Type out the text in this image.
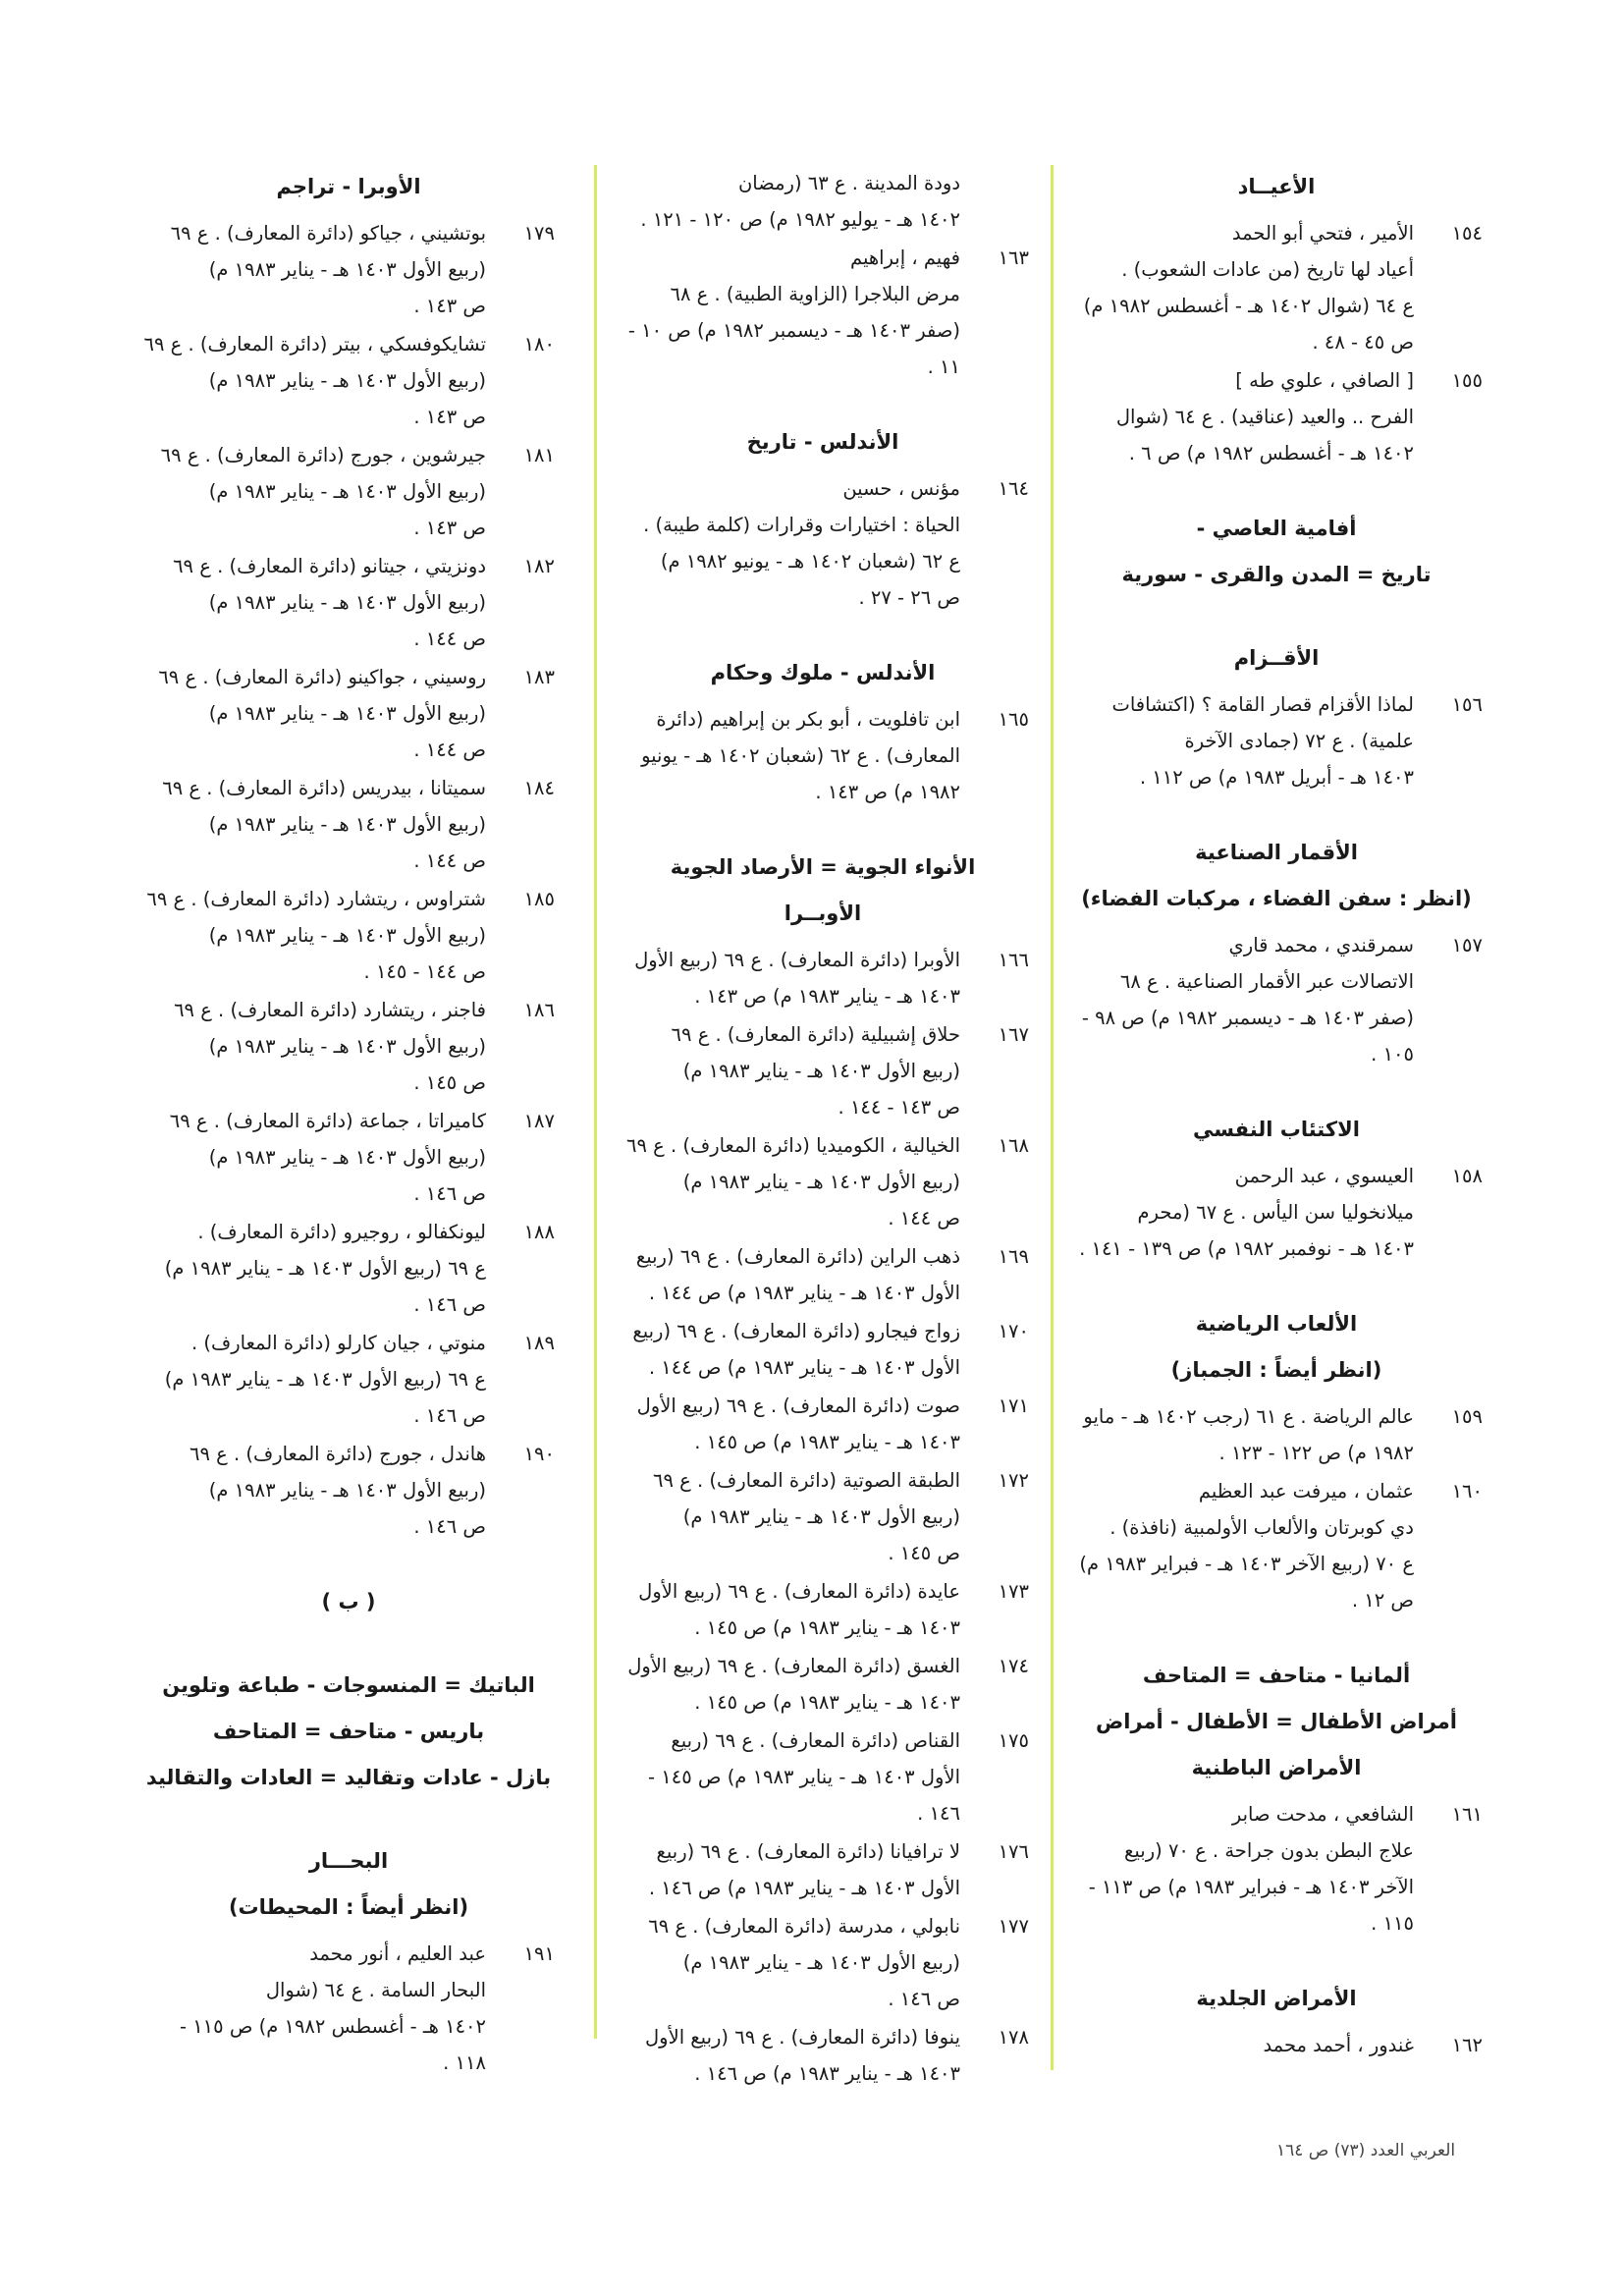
الأعيــاد
١٥٤
الأمير ، فتحي أبو الحمد
أعياد لها تاريخ (من عادات الشعوب) .
ع ٦٤ (شوال ١٤٠٢ هـ - أغسطس ١٩٨٢ م)
ص ٤٥ - ٤٨ .
١٥٥
[ الصافي ، علوي طه ]
الفرح .. والعيد (عناقيد) . ع ٦٤ (شوال
١٤٠٢ هـ - أغسطس ١٩٨٢ م) ص ٦ .
أفامية العاصي -
تاريخ = المدن والقرى - سورية
الأقــزام
١٥٦
لماذا الأقزام قصار القامة ؟ (اكتشافات
علمية) . ع ٧٢ (جمادى الآخرة
١٤٠٣ هـ - أبريل ١٩٨٣ م) ص ١١٢ .
الأقمار الصناعية
(انظر : سفن الفضاء ، مركبات الفضاء)
١٥٧
سمرقندي ، محمد قاري
الاتصالات عبر الأقمار الصناعية . ع ٦٨
(صفر ١٤٠٣ هـ - ديسمبر ١٩٨٢ م) ص ٩٨ -
١٠٥ .
الاكتئاب النفسي
١٥٨
العيسوي ، عبد الرحمن
ميلانخوليا سن اليأس . ع ٦٧ (محرم
١٤٠٣ هـ - نوفمبر ١٩٨٢ م) ص ١٣٩ - ١٤١ .
الألعاب الرياضية
(انظر أيضاً : الجمباز)
١٥٩
عالم الرياضة . ع ٦١ (رجب ١٤٠٢ هـ - مايو
١٩٨٢ م) ص ١٢٢ - ١٢٣ .
١٦٠
عثمان ، ميرفت عبد العظيم
دي كوبرتان والألعاب الأولمبية (نافذة) .
ع ٧٠ (ربيع الآخر ١٤٠٣ هـ - فبراير ١٩٨٣ م)
ص ١٢ .
ألمانيا - متاحف = المتاحف
أمراض الأطفال = الأطفال - أمراض
الأمراض الباطنية
١٦١
الشافعي ، مدحت صابر
علاج البطن بدون جراحة . ع ٧٠ (ربيع
الآخر ١٤٠٣ هـ - فبراير ١٩٨٣ م) ص ١١٣ -
١١٥ .
الأمراض الجلدية
١٦٢
غندور ، أحمد محمد
دودة المدينة . ع ٦٣ (رمضان
١٤٠٢ هـ - يوليو ١٩٨٢ م) ص ١٢٠ - ١٢١ .
١٦٣
فهيم ، إبراهيم
مرض البلاجرا (الزاوية الطبية) . ع ٦٨
(صفر ١٤٠٣ هـ - ديسمبر ١٩٨٢ م) ص ١٠ -
١١ .
الأندلس - تاريخ
١٦٤
مؤنس ، حسين
الحياة : اختيارات وقرارات (كلمة طيبة) .
ع ٦٢ (شعبان ١٤٠٢ هـ - يونيو ١٩٨٢ م)
ص ٢٦ - ٢٧ .
الأندلس - ملوك وحكام
١٦٥
ابن تافلويت ، أبو بكر بن إبراهيم (دائرة
المعارف) . ع ٦٢ (شعبان ١٤٠٢ هـ - يونيو
١٩٨٢ م) ص ١٤٣ .
الأنواء الجوية = الأرصاد الجوية
الأوبــرا
١٦٦
الأوبرا (دائرة المعارف) . ع ٦٩ (ربيع الأول
١٤٠٣ هـ - يناير ١٩٨٣ م) ص ١٤٣ .
١٦٧
حلاق إشبيلية (دائرة المعارف) . ع ٦٩
(ربيع الأول ١٤٠٣ هـ - يناير ١٩٨٣ م)
ص ١٤٣ - ١٤٤ .
١٦٨
الخيالية ، الكوميديا (دائرة المعارف) . ع ٦٩
(ربيع الأول ١٤٠٣ هـ - يناير ١٩٨٣ م)
ص ١٤٤ .
١٦٩
ذهب الراين (دائرة المعارف) . ع ٦٩ (ربيع
الأول ١٤٠٣ هـ - يناير ١٩٨٣ م) ص ١٤٤ .
١٧٠
زواج فيجارو (دائرة المعارف) . ع ٦٩ (ربيع
الأول ١٤٠٣ هـ - يناير ١٩٨٣ م) ص ١٤٤ .
١٧١
صوت (دائرة المعارف) . ع ٦٩ (ربيع الأول
١٤٠٣ هـ - يناير ١٩٨٣ م) ص ١٤٥ .
١٧٢
الطبقة الصوتية (دائرة المعارف) . ع ٦٩
(ربيع الأول ١٤٠٣ هـ - يناير ١٩٨٣ م)
ص ١٤٥ .
١٧٣
عايدة (دائرة المعارف) . ع ٦٩ (ربيع الأول
١٤٠٣ هـ - يناير ١٩٨٣ م) ص ١٤٥ .
١٧٤
الغسق (دائرة المعارف) . ع ٦٩ (ربيع الأول
١٤٠٣ هـ - يناير ١٩٨٣ م) ص ١٤٥ .
١٧٥
القناص (دائرة المعارف) . ع ٦٩ (ربيع
الأول ١٤٠٣ هـ - يناير ١٩٨٣ م) ص ١٤٥ -
١٤٦ .
١٧٦
لا ترافيانا (دائرة المعارف) . ع ٦٩ (ربيع
الأول ١٤٠٣ هـ - يناير ١٩٨٣ م) ص ١٤٦ .
١٧٧
نابولي ، مدرسة (دائرة المعارف) . ع ٦٩
(ربيع الأول ١٤٠٣ هـ - يناير ١٩٨٣ م)
ص ١٤٦ .
١٧٨
ينوفا (دائرة المعارف) . ع ٦٩ (ربيع الأول
١٤٠٣ هـ - يناير ١٩٨٣ م) ص ١٤٦ .
الأوبرا - تراجم
١٧٩
بوتشيني ، جياكو (دائرة المعارف) . ع ٦٩
(ربيع الأول ١٤٠٣ هـ - يناير ١٩٨٣ م)
ص ١٤٣ .
١٨٠
تشايكوفسكي ، بيتر (دائرة المعارف) . ع ٦٩
(ربيع الأول ١٤٠٣ هـ - يناير ١٩٨٣ م)
ص ١٤٣ .
١٨١
جيرشوين ، جورج (دائرة المعارف) . ع ٦٩
(ربيع الأول ١٤٠٣ هـ - يناير ١٩٨٣ م)
ص ١٤٣ .
١٨٢
دونزيتي ، جيتانو (دائرة المعارف) . ع ٦٩
(ربيع الأول ١٤٠٣ هـ - يناير ١٩٨٣ م)
ص ١٤٤ .
١٨٣
روسيني ، جواكينو (دائرة المعارف) . ع ٦٩
(ربيع الأول ١٤٠٣ هـ - يناير ١٩٨٣ م)
ص ١٤٤ .
١٨٤
سميتانا ، بيدريس (دائرة المعارف) . ع ٦٩
(ربيع الأول ١٤٠٣ هـ - يناير ١٩٨٣ م)
ص ١٤٤ .
١٨٥
شتراوس ، ريتشارد (دائرة المعارف) . ع ٦٩
(ربيع الأول ١٤٠٣ هـ - يناير ١٩٨٣ م)
ص ١٤٤ - ١٤٥ .
١٨٦
فاجنر ، ريتشارد (دائرة المعارف) . ع ٦٩
(ربيع الأول ١٤٠٣ هـ - يناير ١٩٨٣ م)
ص ١٤٥ .
١٨٧
كاميراتا ، جماعة (دائرة المعارف) . ع ٦٩
(ربيع الأول ١٤٠٣ هـ - يناير ١٩٨٣ م)
ص ١٤٦ .
١٨٨
ليونكفالو ، روجيرو (دائرة المعارف) .
ع ٦٩ (ربيع الأول ١٤٠٣ هـ - يناير ١٩٨٣ م)
ص ١٤٦ .
١٨٩
منوتي ، جيان كارلو (دائرة المعارف) .
ع ٦٩ (ربيع الأول ١٤٠٣ هـ - يناير ١٩٨٣ م)
ص ١٤٦ .
١٩٠
هاندل ، جورج (دائرة المعارف) . ع ٦٩
(ربيع الأول ١٤٠٣ هـ - يناير ١٩٨٣ م)
ص ١٤٦ .
( ب )
الباتيك = المنسوجات - طباعة وتلوين
باريس - متاحف = المتاحف
بازل - عادات وتقاليد = العادات والتقاليد
البحـــار
(انظر أيضاً : المحيطات)
١٩١
عبد العليم ، أنور محمد
البحار السامة . ع ٦٤ (شوال
١٤٠٢ هـ - أغسطس ١٩٨٢ م) ص ١١٥ -
١١٨ .
العربي العدد (٧٣) ص ١٦٤
